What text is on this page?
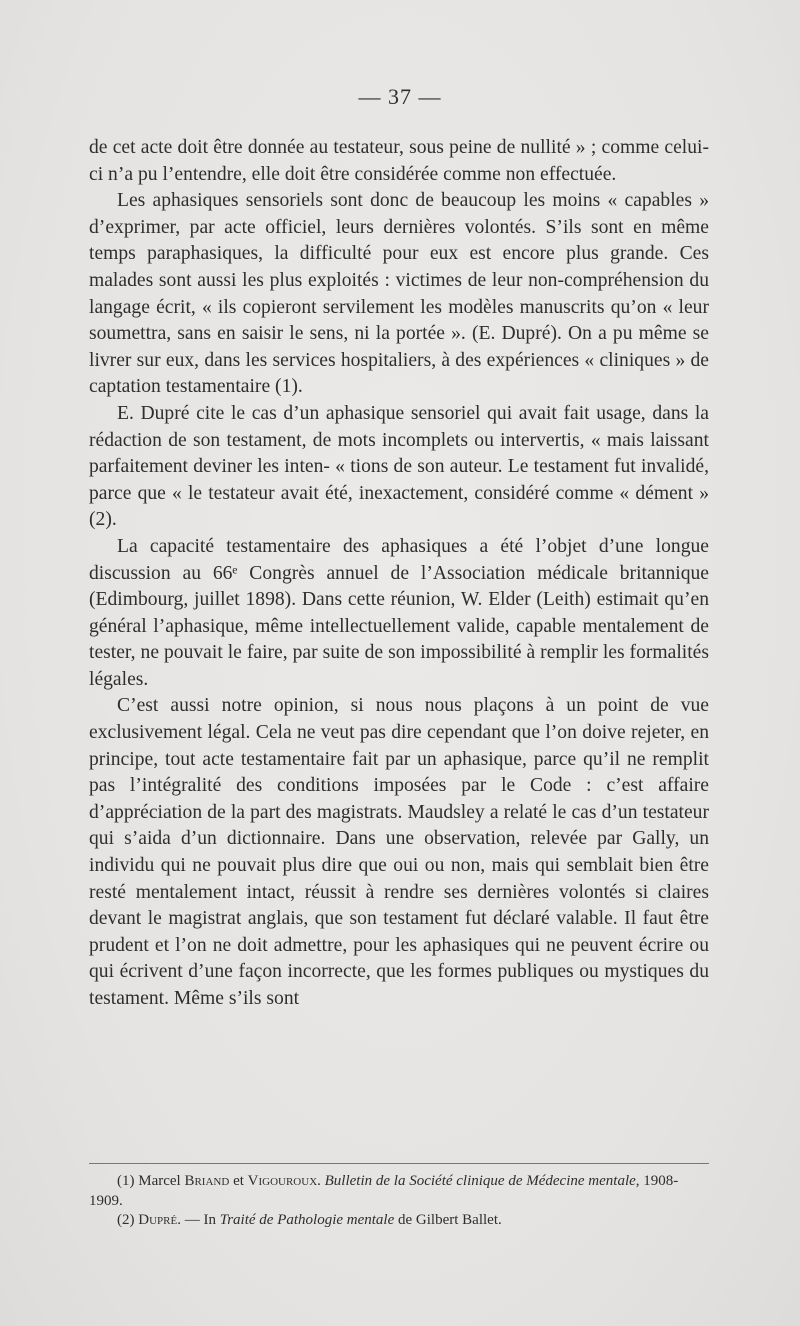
— 37 —

de cet acte doit être donnée au testateur, sous peine de nullité » ; comme celui-ci n’a pu l’entendre, elle doit être considérée comme non effectuée.

Les aphasiques sensoriels sont donc de beaucoup les moins « capables » d’exprimer, par acte officiel, leurs dernières volontés. S’ils sont en même temps paraphasiques, la difficulté pour eux est encore plus grande. Ces malades sont aussi les plus exploités : victimes de leur non-compréhension du langage écrit, « ils copieront servilement les modèles manuscrits qu’on « leur soumettra, sans en saisir le sens, ni la portée ». (E. Dupré). On a pu même se livrer sur eux, dans les services hospitaliers, à des expériences « cliniques » de captation testamentaire (1).

E. Dupré cite le cas d’un aphasique sensoriel qui avait fait usage, dans la rédaction de son testament, de mots incomplets ou intervertis, « mais laissant parfaitement deviner les inten- « tions de son auteur. Le testament fut invalidé, parce que « le testateur avait été, inexactement, considéré comme « dément » (2).

La capacité testamentaire des aphasiques a été l’objet d’une longue discussion au 66ᵉ Congrès annuel de l’Association médicale britannique (Edimbourg, juillet 1898). Dans cette réunion, W. Elder (Leith) estimait qu’en général l’aphasique, même intellectuellement valide, capable mentalement de tester, ne pouvait le faire, par suite de son impossibilité à remplir les formalités légales.

C’est aussi notre opinion, si nous nous plaçons à un point de vue exclusivement légal. Cela ne veut pas dire cependant que l’on doive rejeter, en principe, tout acte testamentaire fait par un aphasique, parce qu’il ne remplit pas l’intégralité des conditions imposées par le Code : c’est affaire d’appréciation de la part des magistrats. Maudsley a relaté le cas d’un testateur qui s’aida d’un dictionnaire. Dans une observation, relevée par Gally, un individu qui ne pouvait plus dire que oui ou non, mais qui semblait bien être resté mentalement intact, réussit à rendre ses dernières volontés si claires devant le magistrat anglais, que son testament fut déclaré valable. Il faut être prudent et l’on ne doit admettre, pour les aphasiques qui ne peuvent écrire ou qui écrivent d’une façon incorrecte, que les formes publiques ou mystiques du testament. Même s’ils sont

(1) Marcel Briand et Vigouroux. Bulletin de la Société clinique de Médecine mentale, 1908-1909.

(2) Dupré. — In Traité de Pathologie mentale de Gilbert Ballet.
